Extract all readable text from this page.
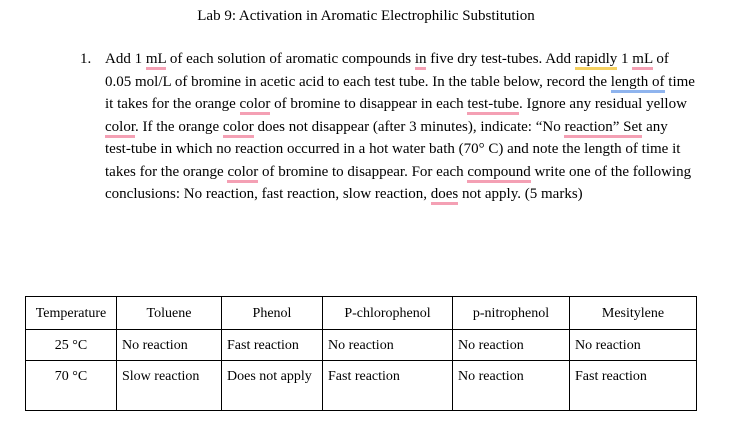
Lab 9: Activation in Aromatic Electrophilic Substitution
1. Add 1 mL of each solution of aromatic compounds in five dry test-tubes. Add rapidly 1 mL of 0.05 mol/L of bromine in acetic acid to each test tube. In the table below, record the length of time it takes for the orange color of bromine to disappear in each test-tube. Ignore any residual yellow color. If the orange color does not disappear (after 3 minutes), indicate: “No reaction” Set any test-tube in which no reaction occurred in a hot water bath (70° C) and note the length of time it takes for the orange color of bromine to disappear. For each compound write one of the following conclusions: No reaction, fast reaction, slow reaction, does not apply. (5 marks)
Temperature	Toluene	Phenol	P-chlorophenol	p-nitrophenol	Mesitylene
25 °C	No reaction	Fast reaction	No reaction	No reaction	No reaction
70 °C	Slow reaction	Does not apply	Fast reaction	No reaction	Fast reaction
